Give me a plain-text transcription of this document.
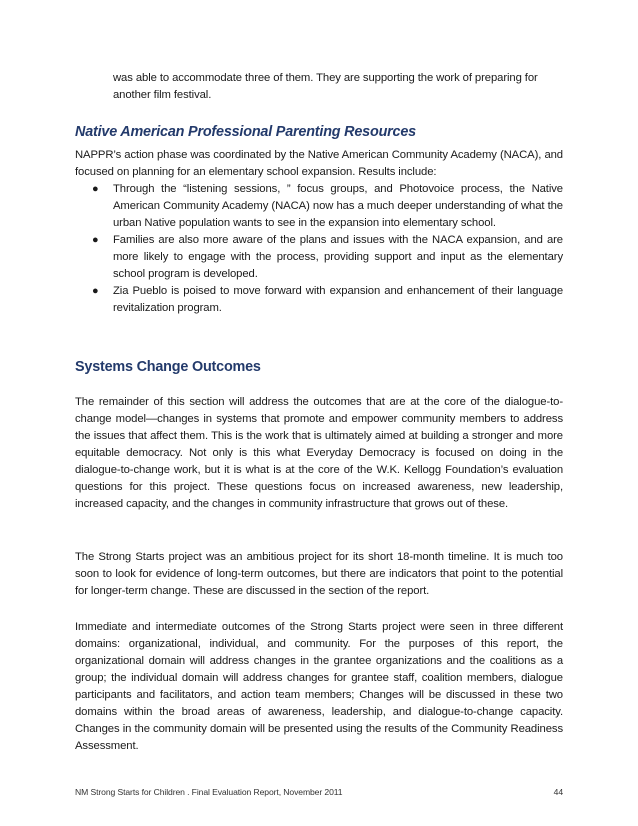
was able to accommodate three of them. They are supporting the work of preparing for another film festival.

Native American Professional Parenting Resources

NAPPR’s action phase was coordinated by the Native American Community Academy (NACA), and focused on planning for an elementary school expansion. Results include:

● Through the “listening sessions, ” focus groups, and Photovoice process, the Native American Community Academy (NACA) now has a much deeper understanding of what the urban Native population wants to see in the expansion into elementary school.
● Families are also more aware of the plans and issues with the NACA expansion, and are more likely to engage with the process, providing support and input as the elementary school program is developed.
● Zia Pueblo is poised to move forward with expansion and enhancement of their language revitalization program.
Systems Change Outcomes

The remainder of this section will address the outcomes that are at the core of the dialogue-to-change model—changes in systems that promote and empower community members to address the issues that affect them. This is the work that is ultimately aimed at building a stronger and more equitable democracy. Not only is this what Everyday Democracy is focused on doing in the dialogue-to-change work, but it is what is at the core of the W.K. Kellogg Foundation’s evaluation questions for this project. These questions focus on increased awareness, new leadership, increased capacity, and the changes in community infrastructure that grows out of these.

The Strong Starts project was an ambitious project for its short 18-month timeline. It is much too soon to look for evidence of long-term outcomes, but there are indicators that point to the potential for longer-term change. These are discussed in the section of the report.

Immediate and intermediate outcomes of the Strong Starts project were seen in three different domains: organizational, individual, and community. For the purposes of this report, the organizational domain will address changes in the grantee organizations and the coalitions as a group; the individual domain will address changes for grantee staff, coalition members, dialogue participants and facilitators, and action team members; Changes will be discussed in these two domains within the broad areas of awareness, leadership, and dialogue-to-change capacity. Changes in the community domain will be presented using the results of the Community Readiness Assessment.

NM Strong Starts for Children . Final Evaluation Report, November 2011	44
